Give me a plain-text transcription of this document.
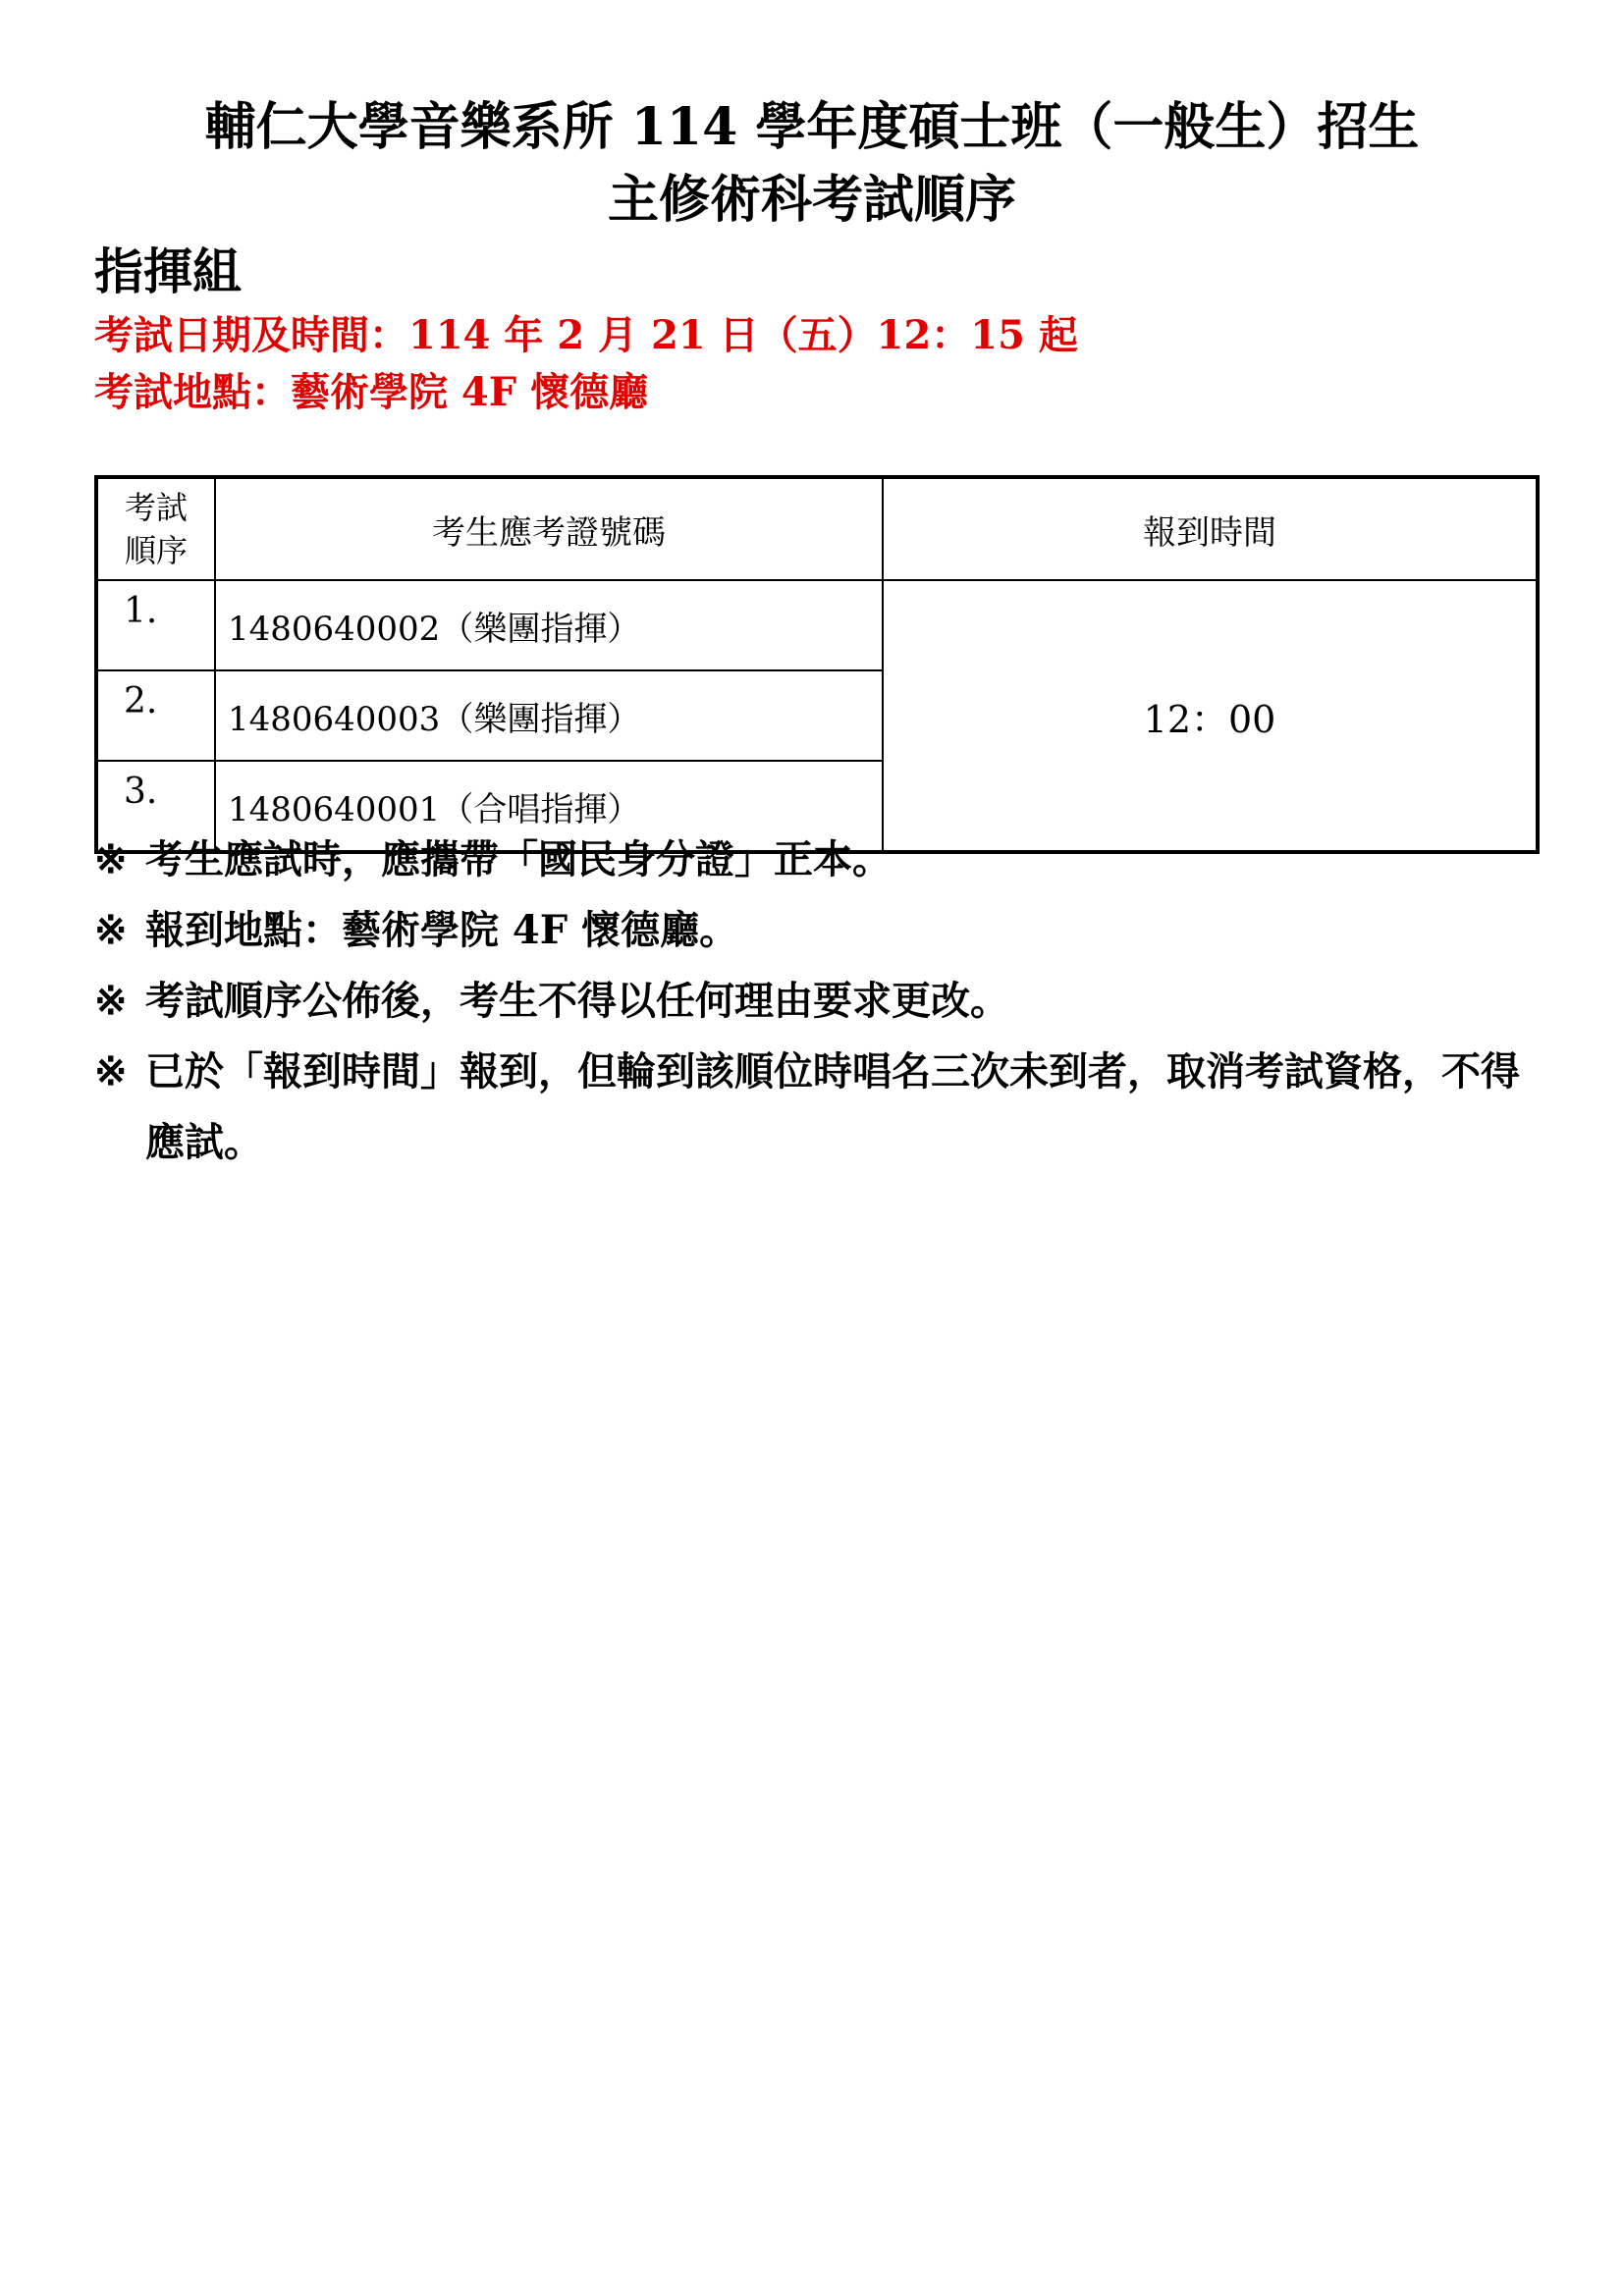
輔仁大學音樂系所 114 學年度碩士班（一般生）招生
主修術科考試順序
指揮組
考試日期及時間：114 年 2 月 21 日（五）12：15 起
考試地點：藝術學院 4F 懷德廳
考試
順序	考生應考證號碼	報到時間
1.	1480640002（樂團指揮）	12：00
2.	1480640003（樂團指揮）	
3.	1480640001（合唱指揮）	
※ 考生應試時，應攜帶「國民身分證」正本。
※ 報到地點：藝術學院 4F 懷德廳。
※ 考試順序公佈後，考生不得以任何理由要求更改。
※ 已於「報到時間」報到，但輪到該順位時唱名三次未到者，取消考試資格，不得應試。
